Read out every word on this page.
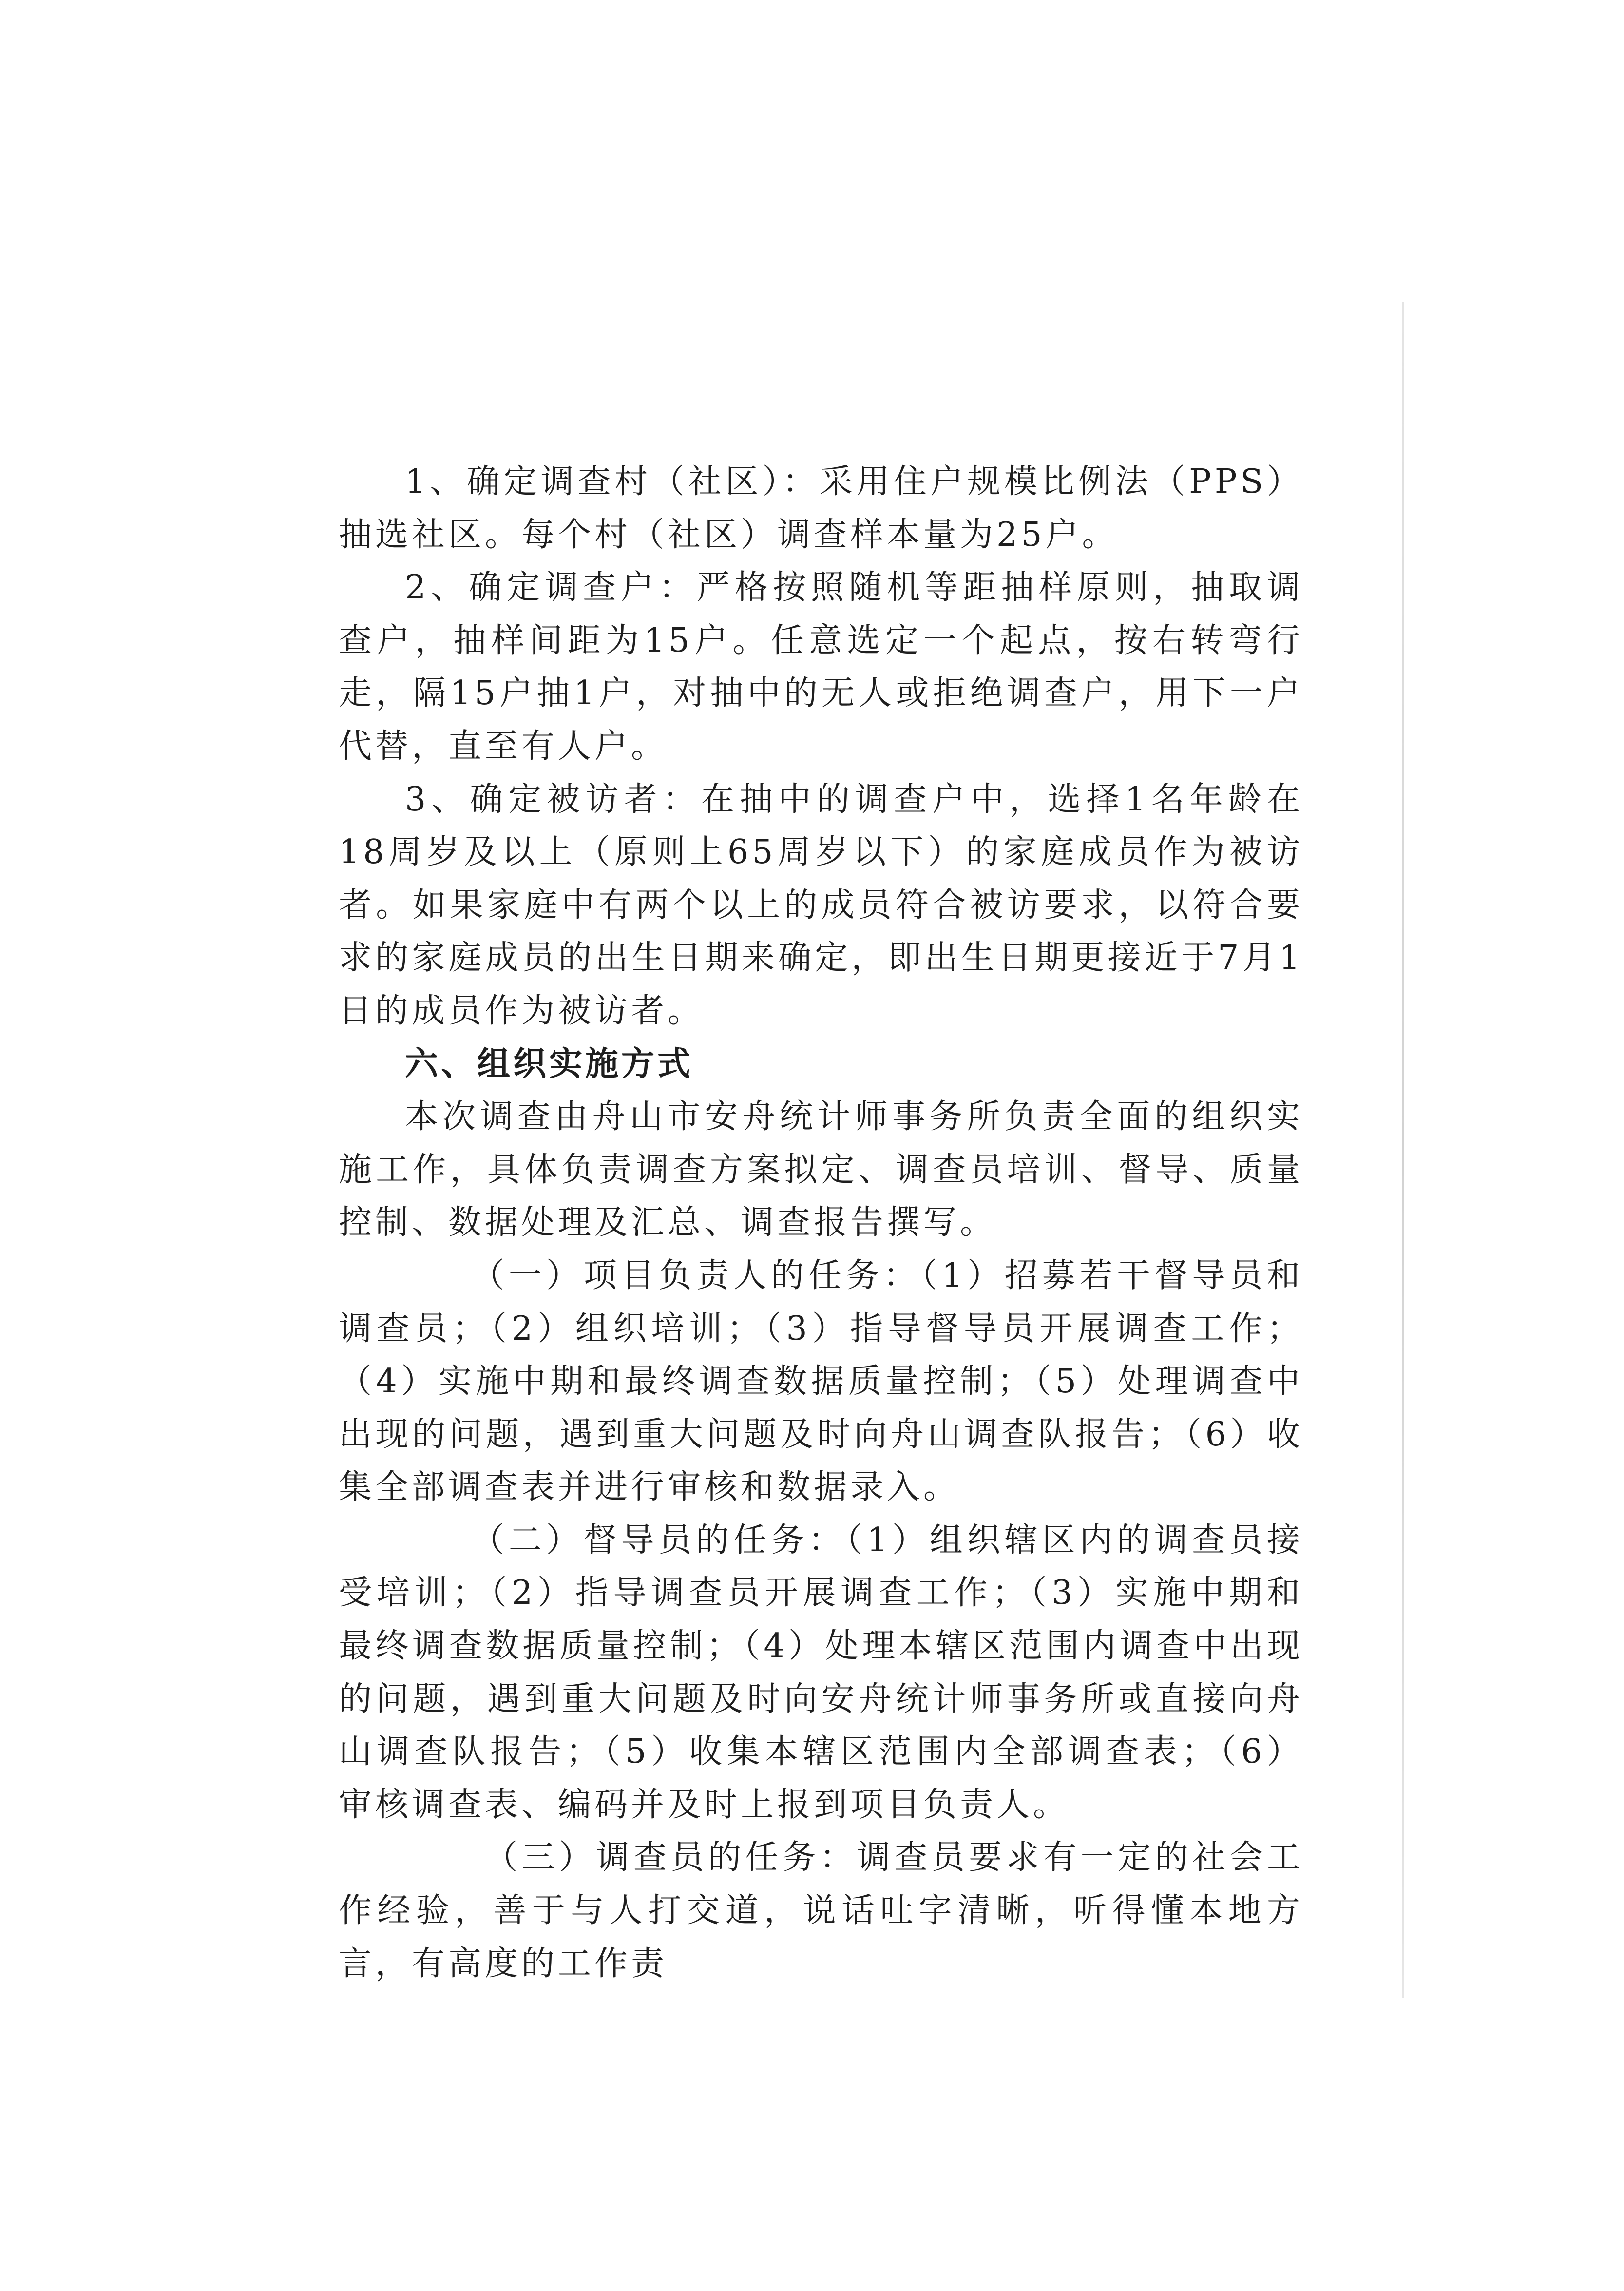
1、确定调查村（社区）：采用住户规模比例法（PPS）抽选社区。每个村（社区）调查样本量为25户。

2、确定调查户：严格按照随机等距抽样原则，抽取调查户，抽样间距为15户。任意选定一个起点，按右转弯行走，隔15户抽1户，对抽中的无人或拒绝调查户，用下一户代替，直至有人户。

3、确定被访者：在抽中的调查户中，选择1名年龄在18周岁及以上（原则上65周岁以下）的家庭成员作为被访者。如果家庭中有两个以上的成员符合被访要求，以符合要求的家庭成员的出生日期来确定，即出生日期更接近于7月1日的成员作为被访者。

六、组织实施方式

本次调查由舟山市安舟统计师事务所负责全面的组织实施工作，具体负责调查方案拟定、调查员培训、督导、质量控制、数据处理及汇总、调查报告撰写。

（一）项目负责人的任务：（1）招募若干督导员和调查员；（2）组织培训；（3）指导督导员开展调查工作；（4）实施中期和最终调查数据质量控制；（5）处理调查中出现的问题，遇到重大问题及时向舟山调查队报告；（6）收集全部调查表并进行审核和数据录入。

（二）督导员的任务：（1）组织辖区内的调查员接受培训；（2）指导调查员开展调查工作；（3）实施中期和最终调查数据质量控制；（4）处理本辖区范围内调查中出现的问题，遇到重大问题及时向安舟统计师事务所或直接向舟山调查队报告；（5）收集本辖区范围内全部调查表；（6）审核调查表、编码并及时上报到项目负责人。

（三）调查员的任务：调查员要求有一定的社会工作经验，善于与人打交道，说话吐字清晰，听得懂本地方言，有高度的工作责
